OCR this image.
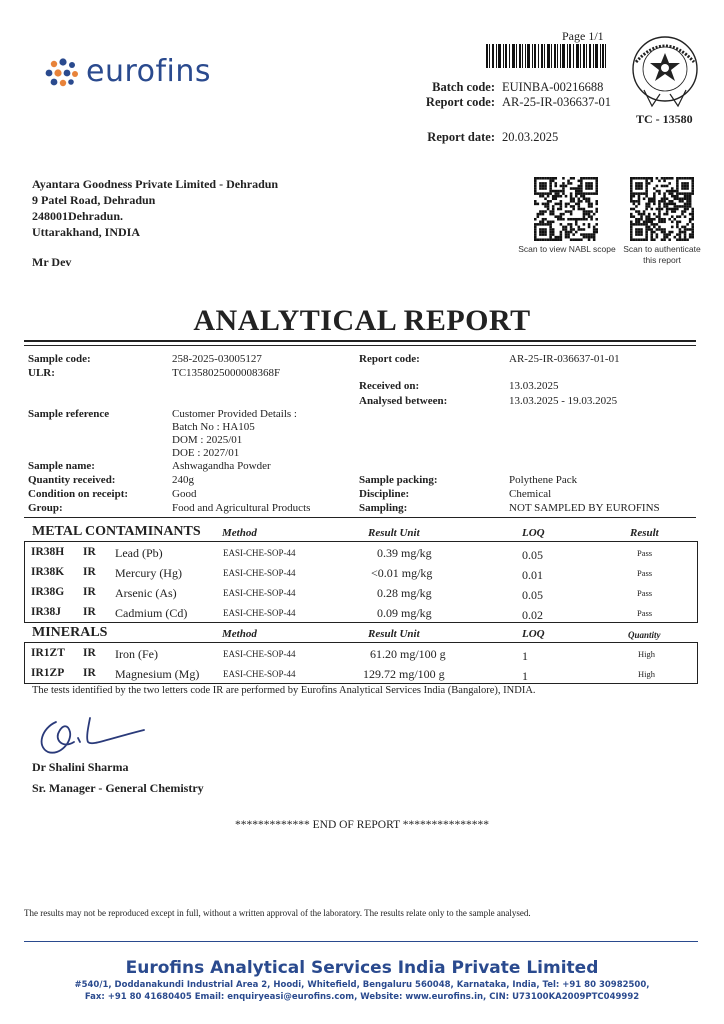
eurofins
Page 1/1
Batch code: EUINBA-00216688
Report code: AR-25-IR-036637-01
Report date: 20.03.2025
TC - 13580
Ayantara Goodness Private Limited - Dehradun
9 Patel Road, Dehradun
248001Dehradun.
Uttarakhand, INDIA
Mr Dev
Scan to view NABL scope Scan to authenticate
this report
ANALYTICAL REPORT
Sample code:	258-2025-03005127
ULR:	TC1358025000008368F
Report code:	AR-25-IR-036637-01-01
Received on:	13.03.2025
Analysed between:	13.03.2025 - 19.03.2025
Sample reference	Customer Provided Details :
Batch No : HA105
DOM : 2025/01
DOE : 2027/01
Sample name:	Ashwagandha Powder
Quantity received:	240g
Condition on receipt:	Good
Group:	Food and Agricultural Products
Sample packing:	Polythene Pack
Discipline:	Chemical
Sampling:	NOT SAMPLED BY EUROFINS
METAL CONTAMINANTS Method	Result Unit	LOQ	Result
IR38H IR Lead (Pb)	EASI-CHE-SOP-44	0.39 mg/kg	0.05	Pass
IR38K IR Mercury (Hg)	EASI-CHE-SOP-44	<0.01 mg/kg	0.01	Pass
IR38G IR Arsenic (As)	EASI-CHE-SOP-44	0.28 mg/kg	0.05	Pass
IR38J IR Cadmium (Cd)	EASI-CHE-SOP-44	0.09 mg/kg	0.02	Pass
MINERALS	Method	Result Unit	LOQ	Quantity
IR1ZT IR Iron (Fe)	EASI-CHE-SOP-44	61.20 mg/100 g	1	High
IR1ZP IR Magnesium (Mg)	EASI-CHE-SOP-44	129.72 mg/100 g	1	High
The tests identified by the two letters code IR are performed by Eurofins Analytical Services India (Bangalore), INDIA.
Dr Shalini Sharma
Sr. Manager - General Chemistry
************* END OF REPORT ***************
The results may not be reproduced except in full, without a written approval of the laboratory. The results relate only to the sample analysed.
Eurofins Analytical Services India Private Limited
#540/1, Doddanakundi Industrial Area 2, Hoodi, Whitefield, Bengaluru 560048, Karnataka, India, Tel: +91 80 30982500,
Fax: +91 80 41680405 Email: enquiryeasi@eurofins.com, Website: www.eurofins.in, CIN: U73100KA2009PTC049992
